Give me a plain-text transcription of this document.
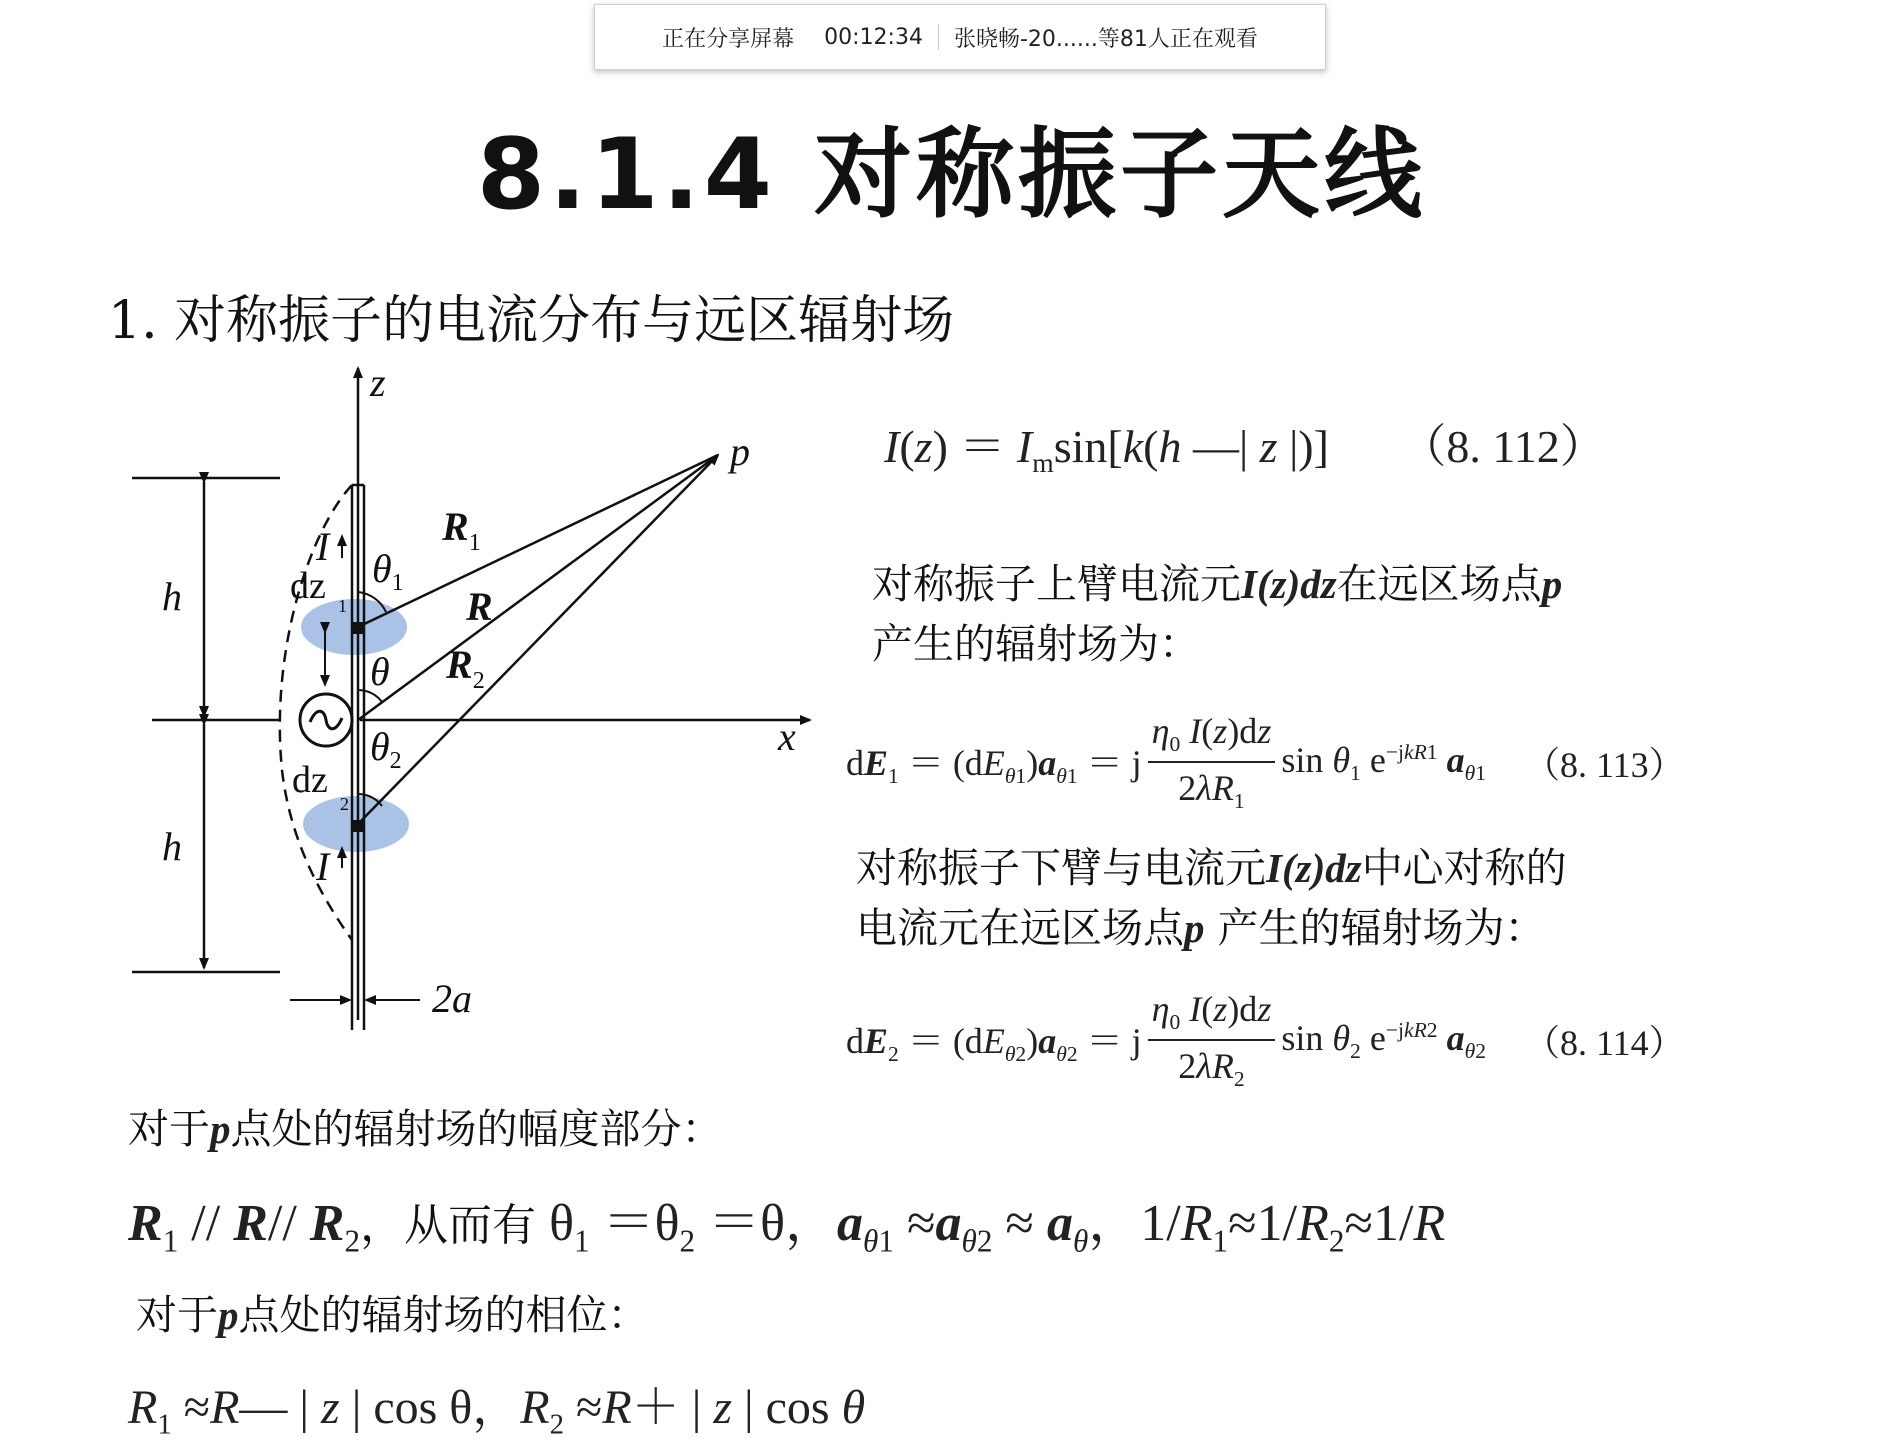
正在分享屏幕	00:12:34	张晓畅-20......等81人正在观看
8.1.4 对称振子天线
1. 对称振子的电流分布与远区辐射场
z
p
x
h
h
I
I
dz
dz
1
2
$\theta_1$
θ
$\theta_2$
$R_1$
R
$R_2$
2a
$I(z) = I_m\sin[k(h$ —| z |)] （8. 112）
对称振子上臂电流元I(z)dz在远区场点p
产生的辐射场为：
$dE_1 = (dE_{\theta 1})a_{\theta 1} = j \frac{\eta_0 I(z)dz}{2\lambda R_1}$ $\sin \theta_1$ $e^{-jkR1}$ $a_{\theta 1}$ （8. 113）
对称振子下臂与电流元I(z)dz中心对称的
电流元在远区场点p 产生的辐射场为：
$dE_2 = (dE_{\theta 2})a_{\theta 2} = j \frac{\eta_0 I(z)dz}{2\lambda R_2}$ $\sin \theta_2$ $e^{-jkR2}$ $a_{\theta 2}$ （8. 114）
对于p点处的辐射场的幅度部分：
$R_1 // R//$ $R_2$，从而有 $\theta_1 =\theta_2 =\theta$，$a_{\theta 1} \approx a_{\theta 2} \approx a_\theta$，$1/R_1\approx 1/R_2\approx 1/R$
对于p点处的辐射场的相位：
$R_1$ ≈R— | z | cos θ，$R_2 \approx R+$ | z | cos θ
